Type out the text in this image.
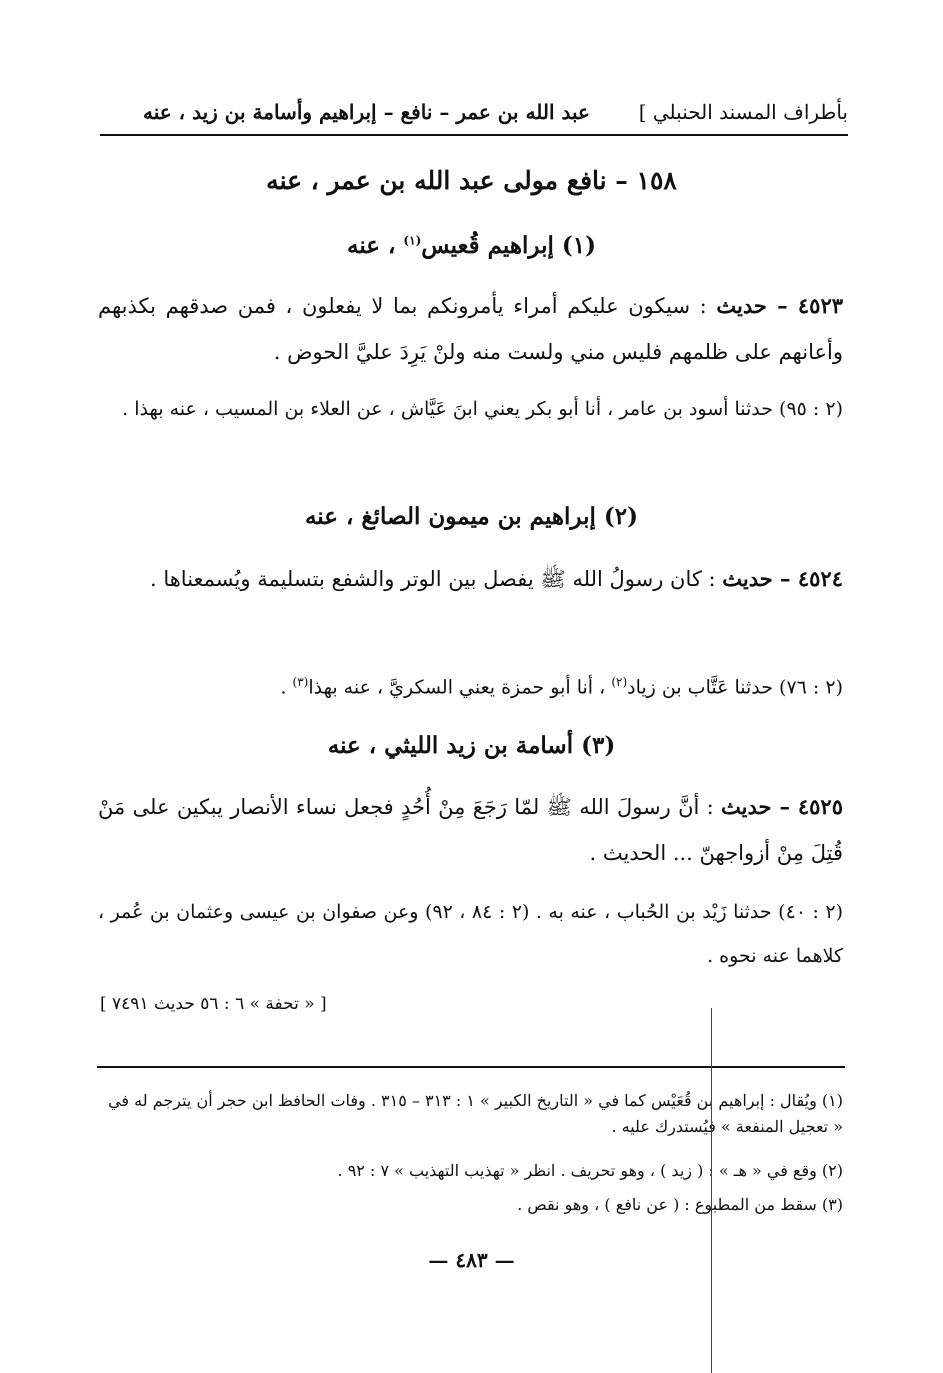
بأطراف المسند الحنبلي ]
عبد الله بن عمر – نافع – إبراهيم وأسامة بن زيد ، عنه
١٥٨ – نافع مولى عبد الله بن عمر ، عنه
(١) إبراهيم قُعيس$^{(١)}$ ، عنه
٤٥٢٣ – حديث : سيكون عليكم أمراء يأمرونكم بما لا يفعلون ، فمن صدقهم بكذبهم وأعانهم على ظلمهم فليس مني ولست منه ولنْ يَرِدَ عليَّ الحوض .
(٢ : ٩٥) حدثنا أسود بن عامر ، أنا أبو بكر يعني ابنَ عَيَّاش ، عن العلاء بن المسيب ، عنه بهذا .
(٢) إبراهيم بن ميمون الصائغ ، عنه
٤٥٢٤ – حديث : كان رسولُ الله ﷺ يفصل بين الوتر والشفع بتسليمة ويُسمعناها .
(٢ : ٧٦) حدثنا عَتَّاب بن زياد$^{(٢)}$ ، أنا أبو حمزة يعني السكريَّ ، عنه بهذا$^{(٣)}$ .
(٣) أسامة بن زيد الليثي ، عنه
٤٥٢٥ – حديث : أنَّ رسولَ الله ﷺ لمّا رَجَعَ مِنْ أُحُدٍ فجعل نساء الأنصار يبكين على مَنْ قُتِلَ مِنْ أزواجهنّ ... الحديث .
(٢ : ٤٠) حدثنا زَيْد بن الحُباب ، عنه به . (٢ : ٨٤ ، ٩٢) وعن صفوان بن عيسى وعثمان بن عُمر ، كلاهما عنه نحوه .
[ « تحفة » ٦ : ٥٦ حديث ٧٤٩١ ]
(١) ويُقال : إبراهيم بن قُعَيْس كما في « التاريخ الكبير » ١ : ٣١٣ – ٣١٥ . وفات الحافظ ابن حجر أن يترجم له في « تعجيل المنفعة » فيُستدرك عليه .
(٢) وقع في « هـ » : ( زيد ) ، وهو تحريف . انظر « تهذيب التهذيب » ٧ : ٩٢ .
(٣) سقط من المطبوع : ( عن نافع ) ، وهو نقص .
— ٤٨٣ —
